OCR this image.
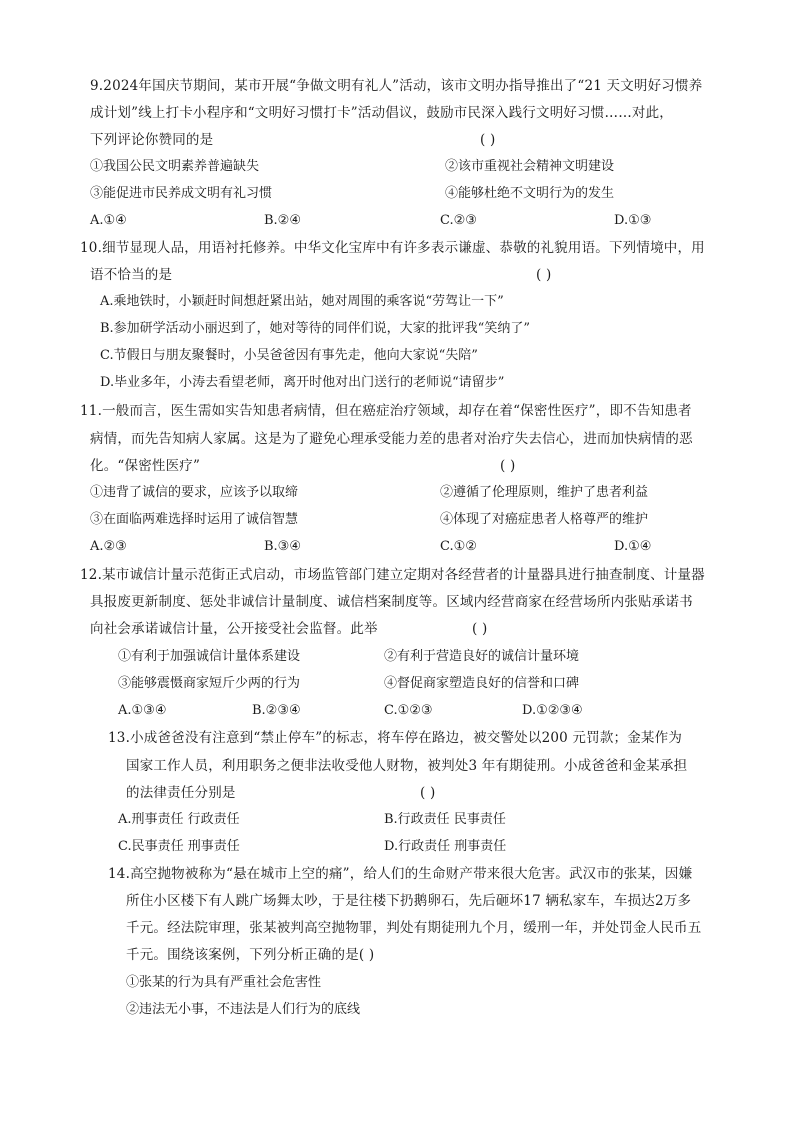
9.2024年国庆节期间，某市开展“争做文明有礼人”活动，该市文明办指导推出了“21 天文明好习惯养
成计划”线上打卡小程序和“文明好习惯打卡”活动倡议，鼓励市民深入践行文明好习惯……对此，
下列评论你赞同的是	( )
①我国公民文明素养普遍缺失	②该市重视社会精神文明建设
③能促进市民养成文明有礼习惯	④能够杜绝不文明行为的发生
A.①④	B.②④	C.②③	D.①③
10.细节显现人品，用语衬托修养。中华文化宝库中有许多表示谦虚、恭敬的礼貌用语。下列情境中，用
语不恰当的是	( )
A.乘地铁时，小颖赶时间想赶紧出站，她对周围的乘客说“劳驾让一下”
B.参加研学活动小丽迟到了，她对等待的同伴们说，大家的批评我“笑纳了”
C.节假日与朋友聚餐时，小吴爸爸因有事先走，他向大家说“失陪”
D.毕业多年，小涛去看望老师，离开时他对出门送行的老师说“请留步”
11.一般而言，医生需如实告知患者病情，但在癌症治疗领域，却存在着“保密性医疗”，即不告知患者
病情，而先告知病人家属。这是为了避免心理承受能力差的患者对治疗失去信心，进而加快病情的恶
化。“保密性医疗”	( )
①违背了诚信的要求，应该予以取缔	②遵循了伦理原则，维护了患者利益
③在面临两难选择时运用了诚信智慧	④体现了对癌症患者人格尊严的维护
A.②③	B.③④	C.①②	D.①④
12.某市诚信计量示范街正式启动，市场监管部门建立定期对各经营者的计量器具进行抽查制度、计量器
具报废更新制度、惩处非诚信计量制度、诚信档案制度等。区域内经营商家在经营场所内张贴承诺书
向社会承诺诚信计量，公开接受社会监督。此举	( )
①有利于加强诚信计量体系建设	②有利于营造良好的诚信计量环境
③能够震慑商家短斤少两的行为	④督促商家塑造良好的信誉和口碑
A.①③④	B.②③④	C.①②③	D.①②③④
13.小成爸爸没有注意到“禁止停车”的标志，将车停在路边，被交警处以200 元罚款；金某作为
国家工作人员，利用职务之便非法收受他人财物，被判处3 年有期徒刑。小成爸爸和金某承担
的法律责任分别是	( )
A.刑事责任 行政责任	B.行政责任 民事责任
C.民事责任 刑事责任	D.行政责任 刑事责任
14.高空抛物被称为“悬在城市上空的痛”，给人们的生命财产带来很大危害。武汉市的张某，因嫌
所住小区楼下有人跳广场舞太吵，于是往楼下扔鹅卵石，先后砸坏17 辆私家车，车损达2万多
千元。经法院审理，张某被判高空抛物罪，判处有期徒刑九个月，缓刑一年，并处罚金人民币五
千元。围绕该案例，下列分析正确的是( )
①张某的行为具有严重社会危害性
②违法无小事，不违法是人们行为的底线
